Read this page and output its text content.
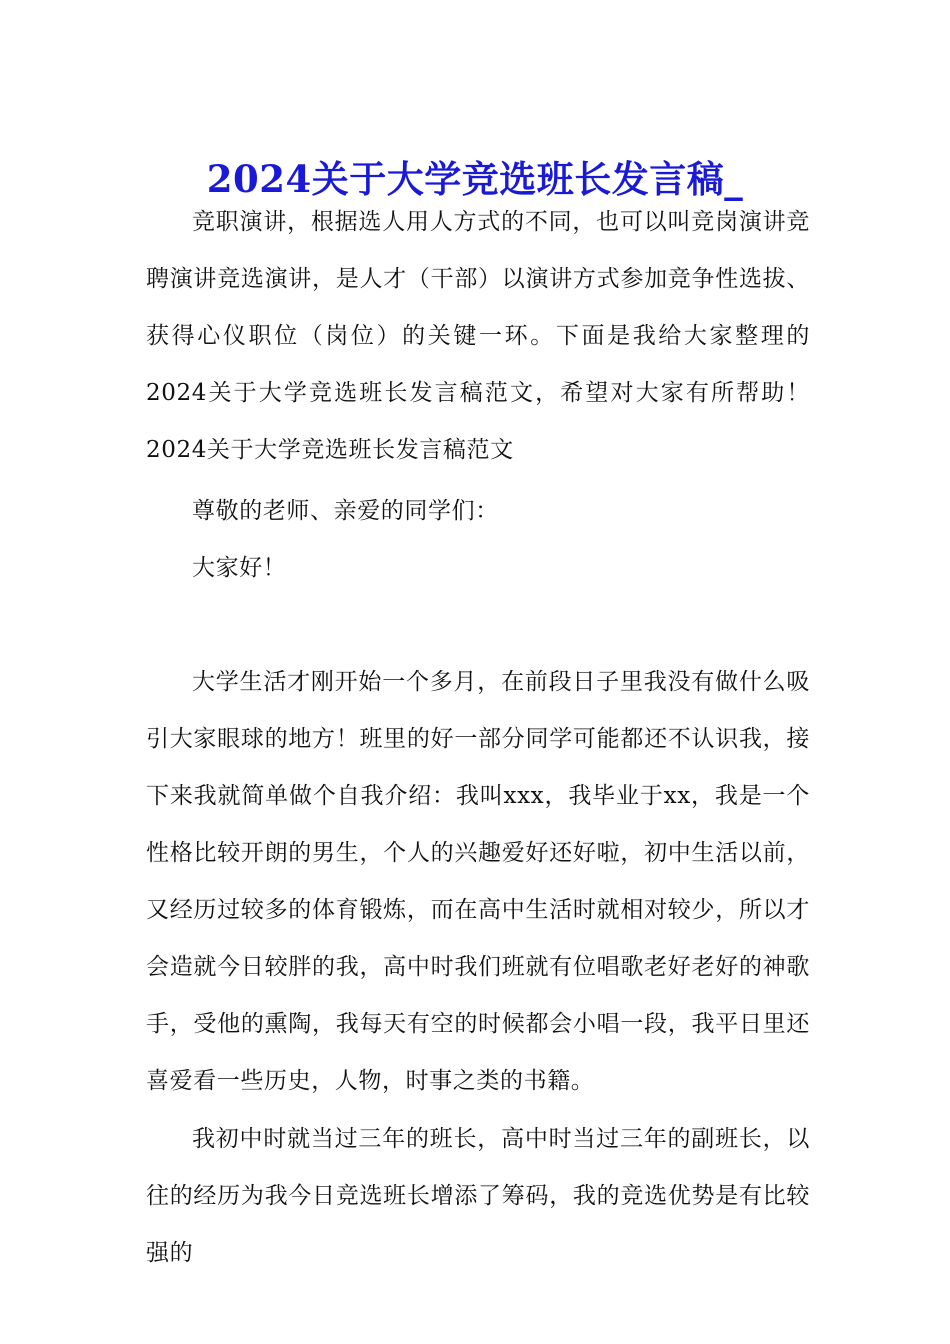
2024关于大学竞选班长发言稿_

竞职演讲，根据选人用人方式的不同，也可以叫竞岗演讲竞聘演讲竞选演讲，是人才（干部）以演讲方式参加竞争性选拔、获得心仪职位（岗位）的关键一环。下面是我给大家整理的2024关于大学竞选班长发言稿范文，希望对大家有所帮助！2024关于大学竞选班长发言稿范文

尊敬的老师、亲爱的同学们：

大家好！

大学生活才刚开始一个多月，在前段日子里我没有做什么吸引大家眼球的地方！班里的好一部分同学可能都还不认识我，接下来我就简单做个自我介绍：我叫xxx，我毕业于xx，我是一个性格比较开朗的男生，个人的兴趣爱好还好啦，初中生活以前，又经历过较多的体育锻炼，而在高中生活时就相对较少，所以才会造就今日较胖的我，高中时我们班就有位唱歌老好老好的神歌手，受他的熏陶，我每天有空的时候都会小唱一段，我平日里还喜爱看一些历史，人物，时事之类的书籍。

我初中时就当过三年的班长，高中时当过三年的副班长，以往的经历为我今日竞选班长增添了筹码，我的竞选优势是有比较强的
